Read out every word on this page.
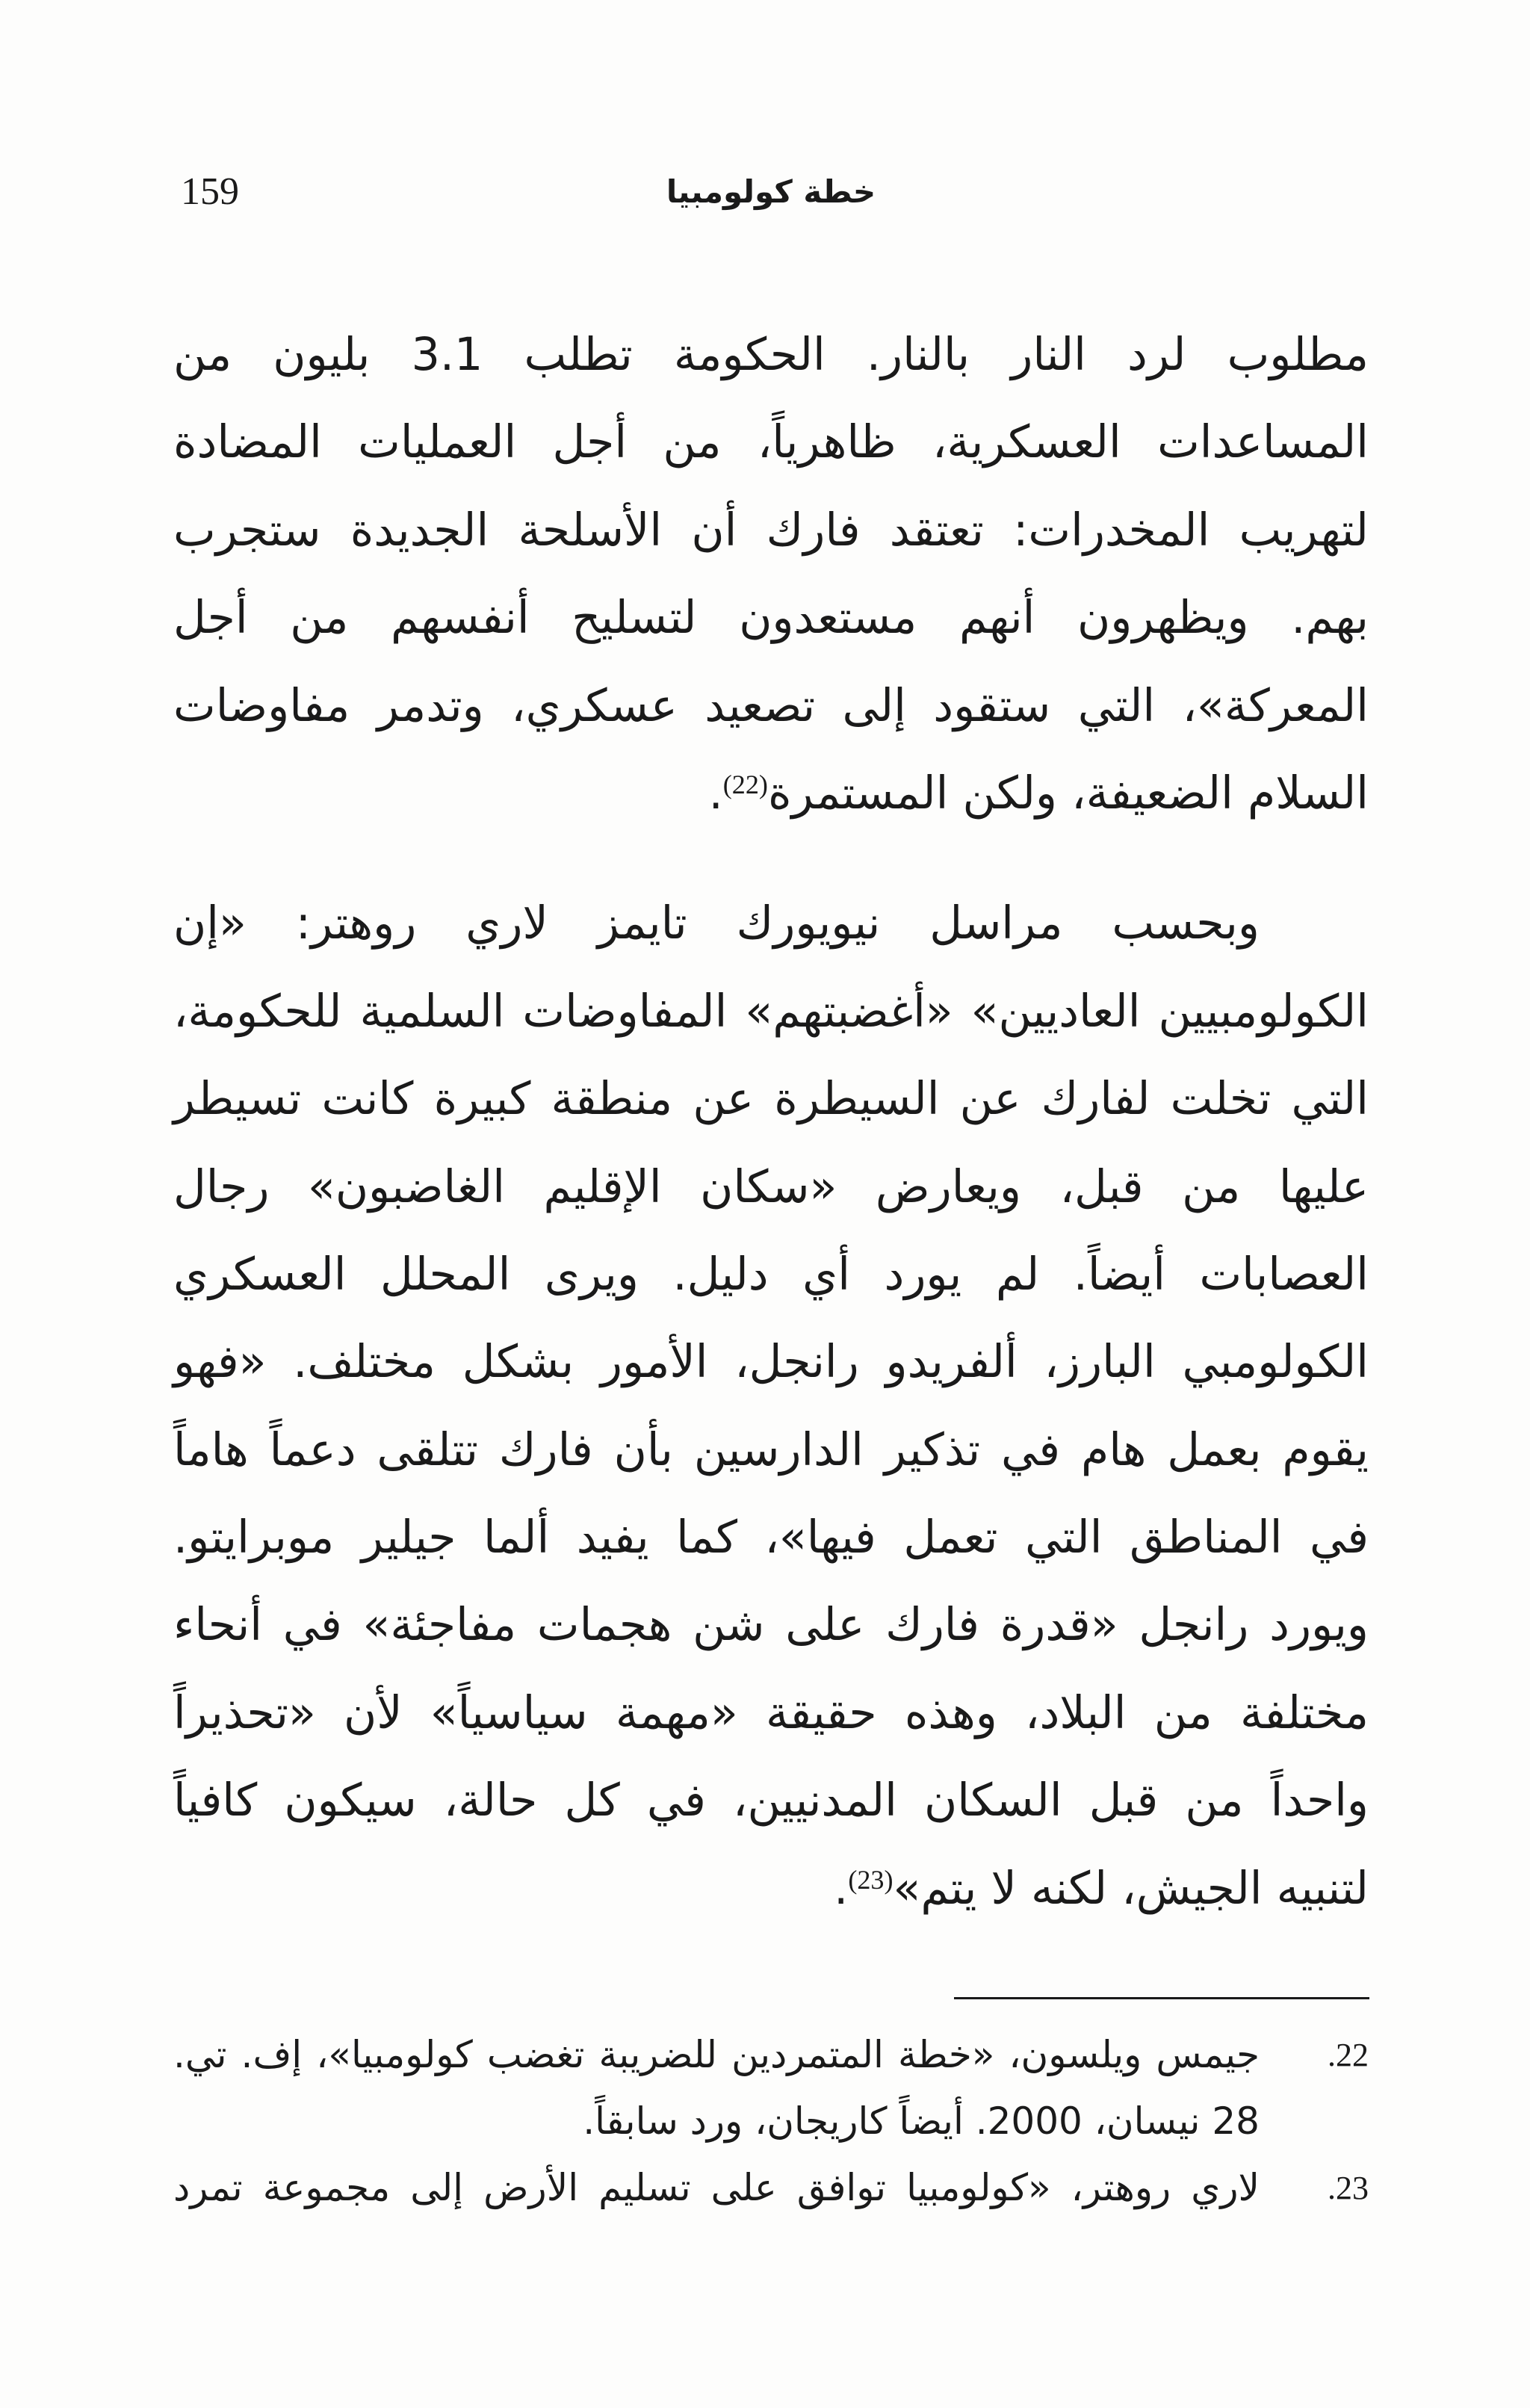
159	خطة كولومبيا
مطلوب لرد النار بالنار. الحكومة تطلب 3.1 بليون من
المساعدات العسكرية، ظاهرياً، من أجل العمليات المضادة
لتهريب المخدرات: تعتقد فارك أن الأسلحة الجديدة ستجرب
بهم. ويظهرون أنهم مستعدون لتسليح أنفسهم من أجل
المعركة»، التي ستقود إلى تصعيد عسكري، وتدمر مفاوضات
السلام الضعيفة، ولكن المستمرة$^{(22)}$.
وبحسب مراسل نيويورك تايمز لاري روهتر: «إن
الكولومبيين العاديين» «أغضبتهم» المفاوضات السلمية للحكومة،
التي تخلت لفارك عن السيطرة عن منطقة كبيرة كانت تسيطر
عليها من قبل، ويعارض «سكان الإقليم الغاضبون» رجال
العصابات أيضاً. لم يورد أي دليل. ويرى المحلل العسكري
الكولومبي البارز، ألفريدو رانجل، الأمور بشكل مختلف. «فهو
يقوم بعمل هام في تذكير الدارسين بأن فارك تتلقى دعماً هاماً
في المناطق التي تعمل فيها»، كما يفيد ألما جيلير موبرايتو.
ويورد رانجل «قدرة فارك على شن هجمات مفاجئة» في أنحاء
مختلفة من البلاد، وهذه حقيقة «مهمة سياسياً» لأن «تحذيراً
واحداً من قبل السكان المدنيين، في كل حالة، سيكون كافياً
لتنبيه الجيش، لكنه لا يتم»$^{(23)}$.
22.
جيمس ويلسون، «خطة المتمردين للضريبة تغضب كولومبيا»، إف. تي.
28 نيسان، 2000. أيضاً كاريجان، ورد سابقاً.
23.
لاري روهتر، «كولومبيا توافق على تسليم الأرض إلى مجموعة تمرد
